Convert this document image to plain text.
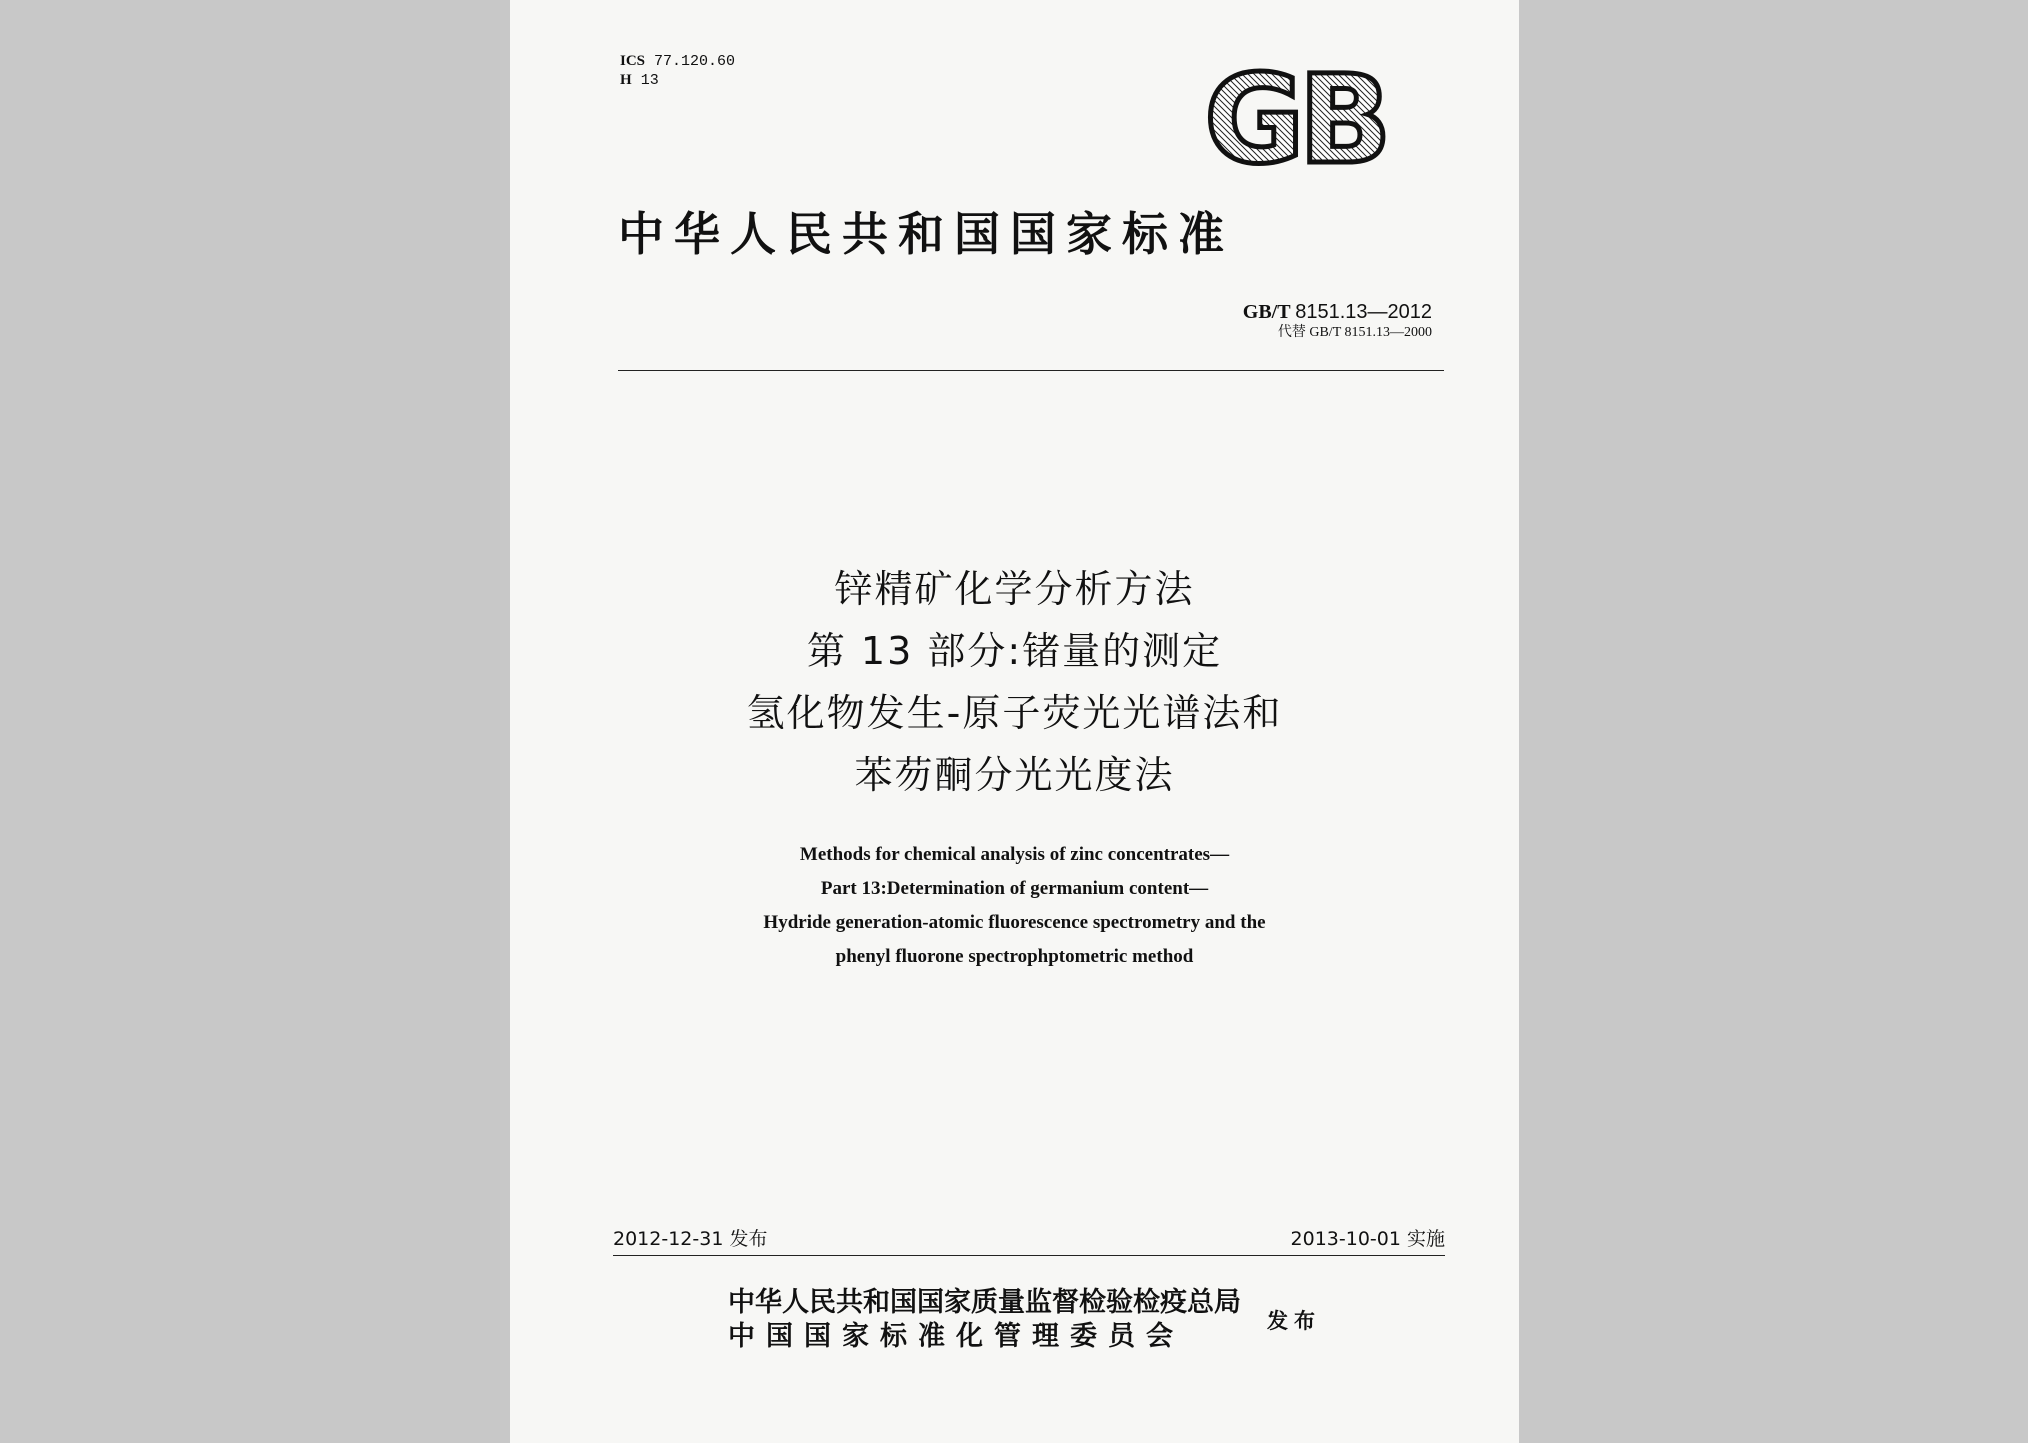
ICS 77.120.60
H 13	GB
中华人民共和国国家标准
GB/T 8151.13—2012
代替 GB/T 8151.13—2000
锌精矿化学分析方法
第 13 部分:锗量的测定
氢化物发生-原子荧光光谱法和
苯芴酮分光光度法
Methods for chemical analysis of zinc concentrates—
Part 13:Determination of germanium content—
Hydride generation-atomic fluorescence spectrometry and the
phenyl fluorone spectrophptometric method
2012-12-31 发布	2013-10-01 实施
中华人民共和国国家质量监督检验检疫总局
中国国家标准化管理委员会	发布
